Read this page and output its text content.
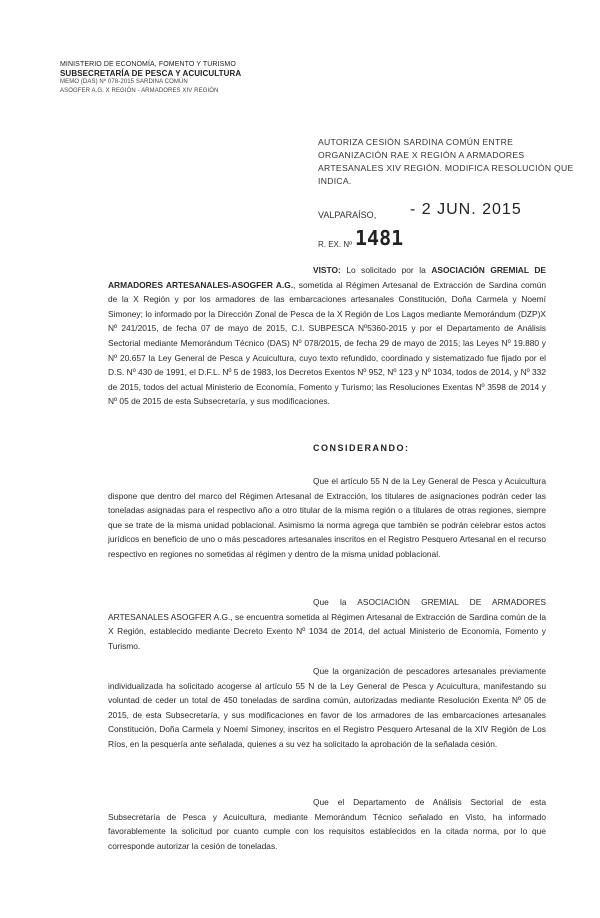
MINISTERIO DE ECONOMÍA, FOMENTO Y TURISMO
SUBSECRETARÍA DE PESCA Y ACUICULTURA
MEMO (DAS) Nº 078-2015 SARDINA COMÚN
ASOGFER A.G. X REGIÓN - ARMADORES XIV REGIÓN
AUTORIZA CESIÓN SARDINA COMÚN ENTRE ORGANIZACIÓN RAE X REGIÓN A ARMADORES ARTESANALES XIV REGIÓN. MODIFICA RESOLUCIÓN QUE INDICA.
VALPARAÍSO, - 2 JUN. 2015
R. EX. Nº 1481
VISTO: Lo solicitado por la ASOCIACIÓN GREMIAL DE ARMADORES ARTESANALES-ASOGFER A.G., sometida al Régimen Artesanal de Extracción de Sardina común de la X Región y por los armadores de las embarcaciones artesanales Constitución, Doña Carmela y Noemí Simoney; lo informado por la Dirección Zonal de Pesca de la X Región de Los Lagos mediante Memorándum (DZP)X Nº 241/2015, de fecha 07 de mayo de 2015, C.I. SUBPESCA Nº5360-2015 y por el Departamento de Análisis Sectorial mediante Memorándum Técnico (DAS) Nº 078/2015, de fecha 29 de mayo de 2015; las Leyes Nº 19.880 y Nº 20.657 la Ley General de Pesca y Acuicultura, cuyo texto refundido, coordinado y sistematizado fue fijado por el D.S. Nº 430 de 1991, el D.F.L. Nº 5 de 1983, los Decretos Exentos Nº 952, Nº 123 y Nº 1034, todos de 2014, y Nº 332 de 2015, todos del actual Ministerio de Economía, Fomento y Turismo; las Resoluciones Exentas Nº 3598 de 2014 y Nº 05 de 2015 de esta Subsecretaría, y sus modificaciones.
CONSIDERANDO:
Que el artículo 55 N de la Ley General de Pesca y Acuicultura dispone que dentro del marco del Régimen Artesanal de Extracción, los titulares de asignaciones podrán ceder las toneladas asignadas para el respectivo año a otro titular de la misma región o a titulares de otras regiones, siempre que se trate de la misma unidad poblacional. Asimismo la norma agrega que también se podrán celebrar estos actos jurídicos en beneficio de uno o más pescadores artesanales inscritos en el Registro Pesquero Artesanal en el recurso respectivo en regiones no sometidas al régimen y dentro de la misma unidad poblacional.
Que la ASOCIACIÓN GREMIAL DE ARMADORES ARTESANALES ASOGFER A.G., se encuentra sometida al Régimen Artesanal de Extracción de Sardina común de la X Región, establecido mediante Decreto Exento Nº 1034 de 2014, del actual Ministerio de Economía, Fomento y Turismo.
Que la organización de pescadores artesanales previamente individualizada ha solicitado acogerse al artículo 55 N de la Ley General de Pesca y Acuicultura, manifestando su voluntad de ceder un total de 450 toneladas de sardina común, autorizadas mediante Resolución Exenta Nº 05 de 2015, de esta Subsecretaría, y sus modificaciones en favor de los armadores de las embarcaciones artesanales Constitución, Doña Carmela y Noemí Simoney, inscritos en el Registro Pesquero Artesanal de la XIV Región de Los Ríos, en la pesquería ante señalada, quienes a su vez ha solicitado la aprobación de la señalada cesión.
Que el Departamento de Análisis Sectorial de esta Subsecretaría de Pesca y Acuicultura, mediante Memorándum Técnico señalado en Visto, ha informado favorablemente la solicitud por cuanto cumple con los requisitos establecidos en la citada norma, por lo que corresponde autorizar la cesión de toneladas.
